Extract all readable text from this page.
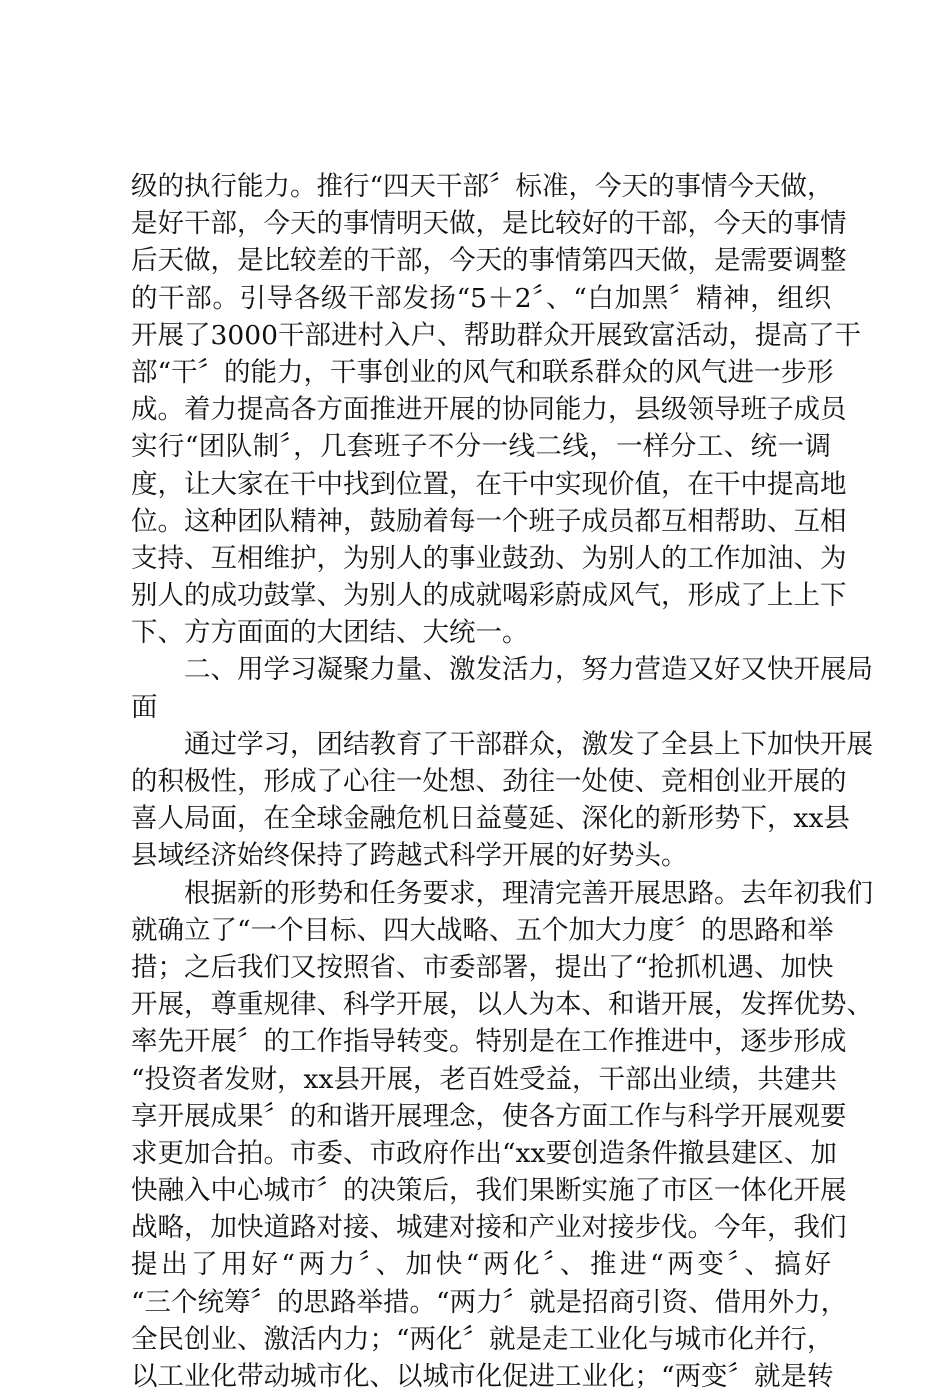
级的执行能力。推行“四天干部〞标准，今天的事情今天做，
是好干部，今天的事情明天做，是比较好的干部，今天的事情
后天做，是比较差的干部，今天的事情第四天做，是需要调整
的干部。引导各级干部发扬“5＋2〞、“白加黑〞精神，组织
开展了3000干部进村入户、帮助群众开展致富活动，提高了干
部“干〞的能力，干事创业的风气和联系群众的风气进一步形
成。着力提高各方面推进开展的协同能力，县级领导班子成员
实行“团队制〞，几套班子不分一线二线，一样分工、统一调
度，让大家在干中找到位置，在干中实现价值，在干中提高地
位。这种团队精神，鼓励着每一个班子成员都互相帮助、互相
支持、互相维护，为别人的事业鼓劲、为别人的工作加油、为
别人的成功鼓掌、为别人的成就喝彩蔚成风气，形成了上上下
下、方方面面的大团结、大统一。
　　二、用学习凝聚力量、激发活力，努力营造又好又快开展局
面
　　通过学习，团结教育了干部群众，激发了全县上下加快开展
的积极性，形成了心往一处想、劲往一处使、竞相创业开展的
喜人局面，在全球金融危机日益蔓延、深化的新形势下，xx县
县域经济始终保持了跨越式科学开展的好势头。
　　根据新的形势和任务要求，理清完善开展思路。去年初我们
就确立了“一个目标、四大战略、五个加大力度〞的思路和举
措；之后我们又按照省、市委部署，提出了“抢抓机遇、加快
开展，尊重规律、科学开展，以人为本、和谐开展，发挥优势、
率先开展〞的工作指导转变。特别是在工作推进中，逐步形成
“投资者发财，xx县开展，老百姓受益，干部出业绩，共建共
享开展成果〞的和谐开展理念，使各方面工作与科学开展观要
求更加合拍。市委、市政府作出“xx要创造条件撤县建区、加
快融入中心城市〞的决策后，我们果断实施了市区一体化开展
战略，加快道路对接、城建对接和产业对接步伐。今年，我们
提出了用好“两力〞、加快“两化〞、推进“两变〞、搞好
“三个统筹〞的思路举措。“两力〞就是招商引资、借用外力，
全民创业、激活内力；“两化〞就是走工业化与城市化并行，
以工业化带动城市化、以城市化促进工业化；“两变〞就是转
